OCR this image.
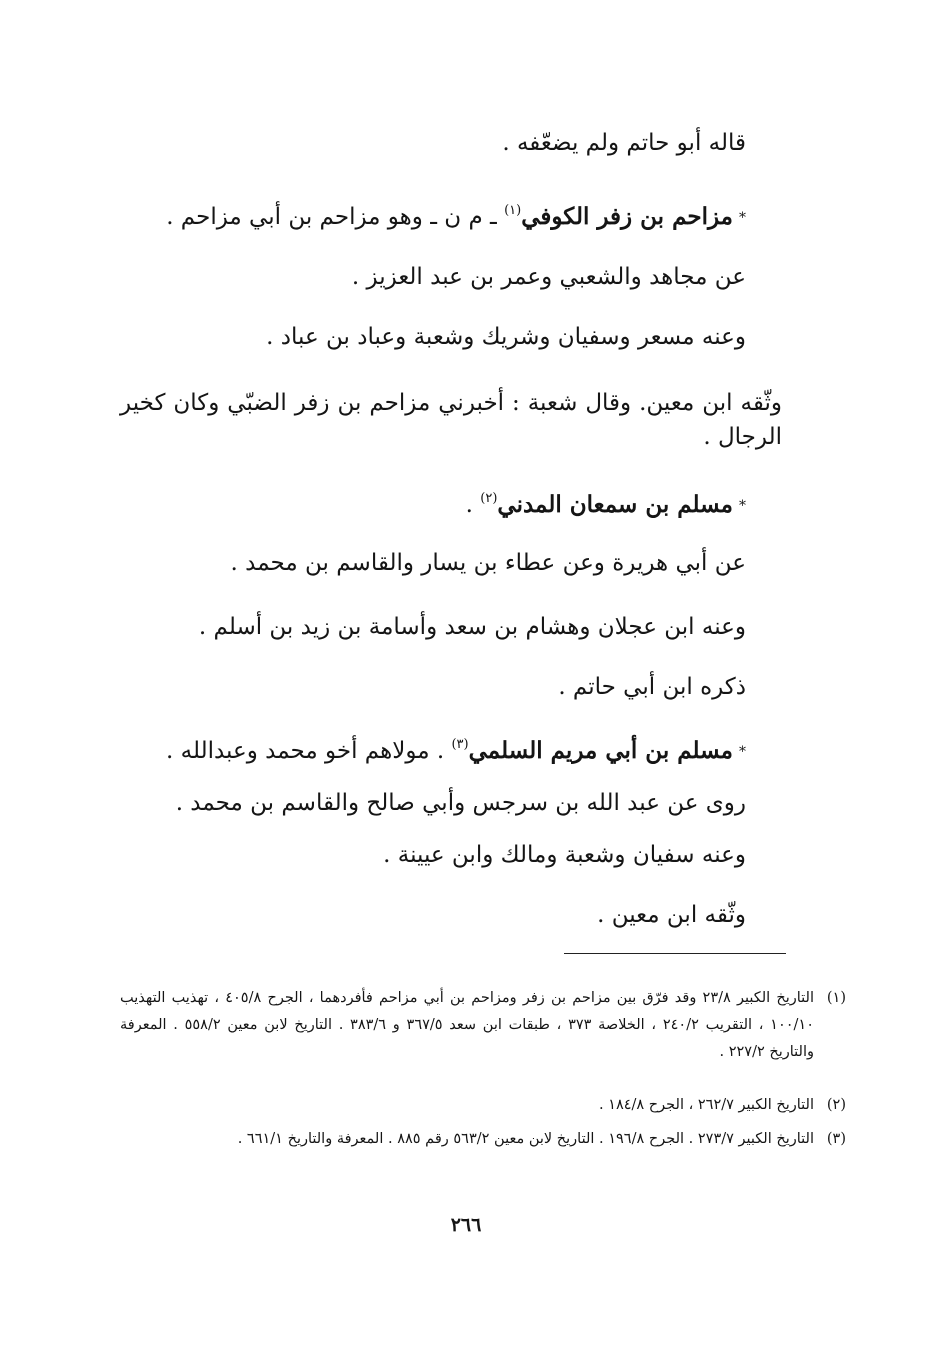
قاله أبو حاتم ولم يضعّفه .
*مزاحم بن زفر الكوفي$^{(١)}$ ـ م ن ـ وهو مزاحم بن أبي مزاحم .
عن مجاهد والشعبي وعمر بن عبد العزيز .
وعنه مسعر وسفيان وشريك وشعبة وعباد بن عباد .
وثّقه ابن معين. وقال شعبة : أخبرني مزاحم بن زفر الضبّي وكان كخير الرجال .
*مسلم بن سمعان المدني$^{(٢)}$ .
عن أبي هريرة وعن عطاء بن يسار والقاسم بن محمد .
وعنه ابن عجلان وهشام بن سعد وأسامة بن زيد بن أسلم .
ذكره ابن أبي حاتم .
*مسلم بن أبي مريم السلمي$^{(٣)}$ . مولاهم أخو محمد وعبدالله .
روى عن عبد الله بن سرجس وأبي صالح والقاسم بن محمد .
وعنه سفيان وشعبة ومالك وابن عيينة .
وثّقه ابن معين .
(١)
التاريخ الكبير ٢٣/٨ وقد فرّق بين مزاحم بن زفر ومزاحم بن أبي مزاحم فأفردهما ، الجرح ٤٠٥/٨ ، تهذيب التهذيب ١٠٠/١٠ ، التقريب ٢٤٠/٢ ، الخلاصة ٣٧٣ ، طبقات ابن سعد ٣٦٧/٥ و ٣٨٣/٦ . التاريخ لابن معين ٥٥٨/٢ . المعرفة والتاريخ ٢٢٧/٢ .
(٢)
التاريخ الكبير ٢٦٢/٧ ، الجرح ١٨٤/٨ .
(٣)
التاريخ الكبير ٢٧٣/٧ . الجرح ١٩٦/٨ . التاريخ لابن معين ٥٦٣/٢ رقم ٨٨٥ . المعرفة والتاريخ ٦٦١/١ .
٢٦٦
